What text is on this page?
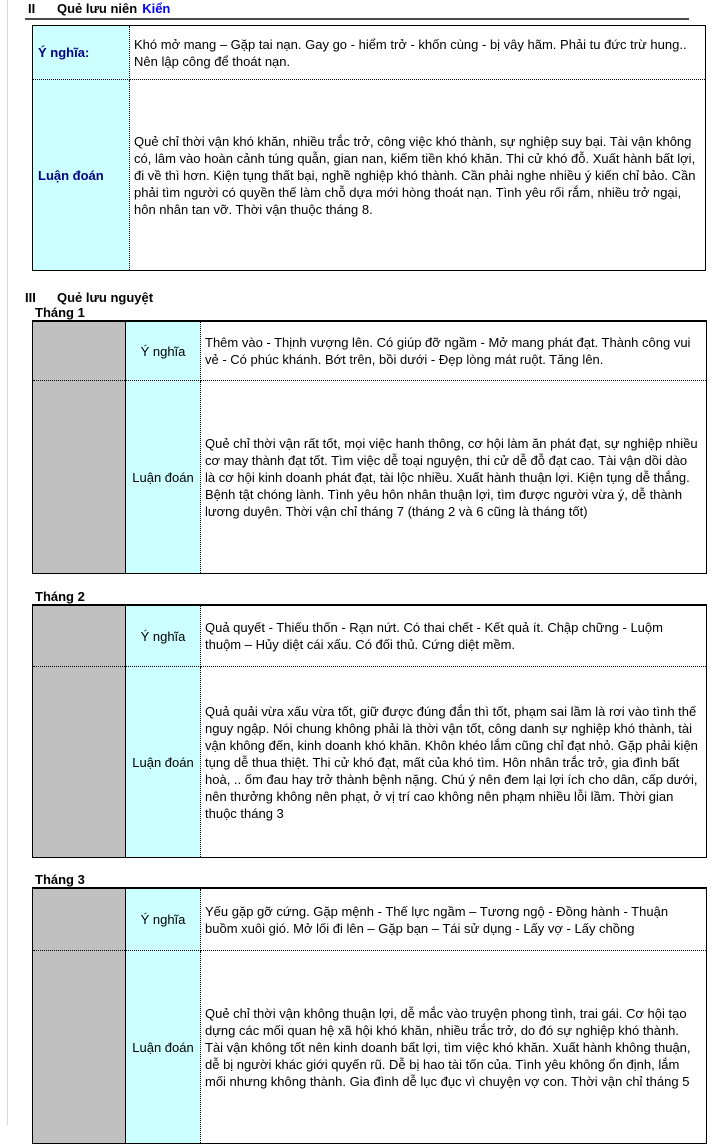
II	Quẻ lưu niên Kiển
Ý nghĩa:	Khó mở mang – Gặp tai nạn. Gay go - hiểm trở - khốn cùng - bị vây hãm. Phải tu đức trừ hung.. Nên lập công để thoát nạn.
Luận đoán	Quẻ chỉ thời vận khó khăn, nhiều trắc trở, công việc khó thành, sự nghiệp suy bại. Tài vận không có, lâm vào hoàn cảnh túng quẫn, gian nan, kiếm tiền khó khăn. Thi cử khó đỗ. Xuất hành bất lợi, đi về thì hơn. Kiện tụng thất bại, nghề nghiệp khó thành. Cần phải nghe nhiều ý kiến chỉ bảo. Cần phải tìm người có quyền thế làm chỗ dựa mới hòng thoát nạn. Tình yêu rối rắm, nhiều trở ngại, hôn nhân tan vỡ. Thời vận thuộc tháng 8.
III	Quẻ lưu nguyệt
Tháng 1
	Ý nghĩa	Thêm vào - Thịnh vượng lên. Có giúp đỡ ngầm - Mở mang phát đạt. Thành công vui vẻ - Có phúc khánh. Bớt trên, bồi dưới - Đẹp lòng mát ruột. Tăng lên.
	Luận đoán	Quẻ chỉ thời vận rất tốt, mọi việc hanh thông, cơ hội làm ăn phát đạt, sự nghiệp nhiều cơ may thành đạt tốt. Tìm việc dễ toại nguyện, thi cử dễ đỗ đạt cao. Tài vận dồi dào là cơ hội kinh doanh phát đạt, tài lộc nhiều. Xuất hành thuận lợi. Kiện tụng dễ thắng. Bệnh tật chóng lành. Tình yêu hôn nhân thuận lợi, tìm được người vừa ý, dễ thành lương duyên. Thời vận chỉ tháng 7 (tháng 2 và 6 cũng là tháng tốt)
Tháng 2
	Ý nghĩa	Quả quyết - Thiếu thốn - Rạn nứt. Có thai chết - Kết quả ít. Chập chững - Luộm thuộm – Hủy diệt cái xấu. Có đối thủ. Cứng diệt mềm.
	Luận đoán	Quả quải vừa xấu vừa tốt, giữ được đúng đắn thì tốt, phạm sai lầm là rơi vào tình thế nguy ngập. Nói chung không phải là thời vận tốt, công danh sự nghiệp khó thành, tài vận không đến, kinh doanh khó khăn. Khôn khéo lắm cũng chỉ đạt nhỏ. Gặp phải kiện tụng dễ thua thiệt. Thi cử khó đạt, mất của khó tìm. Hôn nhân trắc trở, gia đình bất hoà, .. ốm đau hay trở thành bệnh nặng. Chú ý nên đem lại lợi ích cho dân, cấp dưới, nên thưởng không nên phạt, ở vị trí cao không nên phạm nhiều lỗi lầm. Thời gian thuộc tháng 3
Tháng 3
	Ý nghĩa	Yếu gặp gỡ cứng. Gặp mệnh - Thế lực ngầm – Tương ngộ - Đồng hành - Thuận buồm xuôi gió. Mở lối đi lên – Gặp bạn – Tái sử dụng - Lấy vợ - Lấy chồng
	Luận đoán	Quẻ chỉ thời vận không thuận lợi, dễ mắc vào truyện phong tình, trai gái. Cơ hội tạo dựng các mối quan hệ xã hội khó khăn, nhiều trắc trở, do đó sự nghiệp khó thành. Tài vận không tốt nên kinh doanh bất lợi, tìm việc khó khăn. Xuất hành không thuận, dễ bị người khác giới quyến rũ. Dễ bị hao tài tốn của. Tình yêu không ổn định, lắm mối nhưng không thành. Gia đình dễ lục đục vì chuyện vợ con. Thời vận chỉ tháng 5
